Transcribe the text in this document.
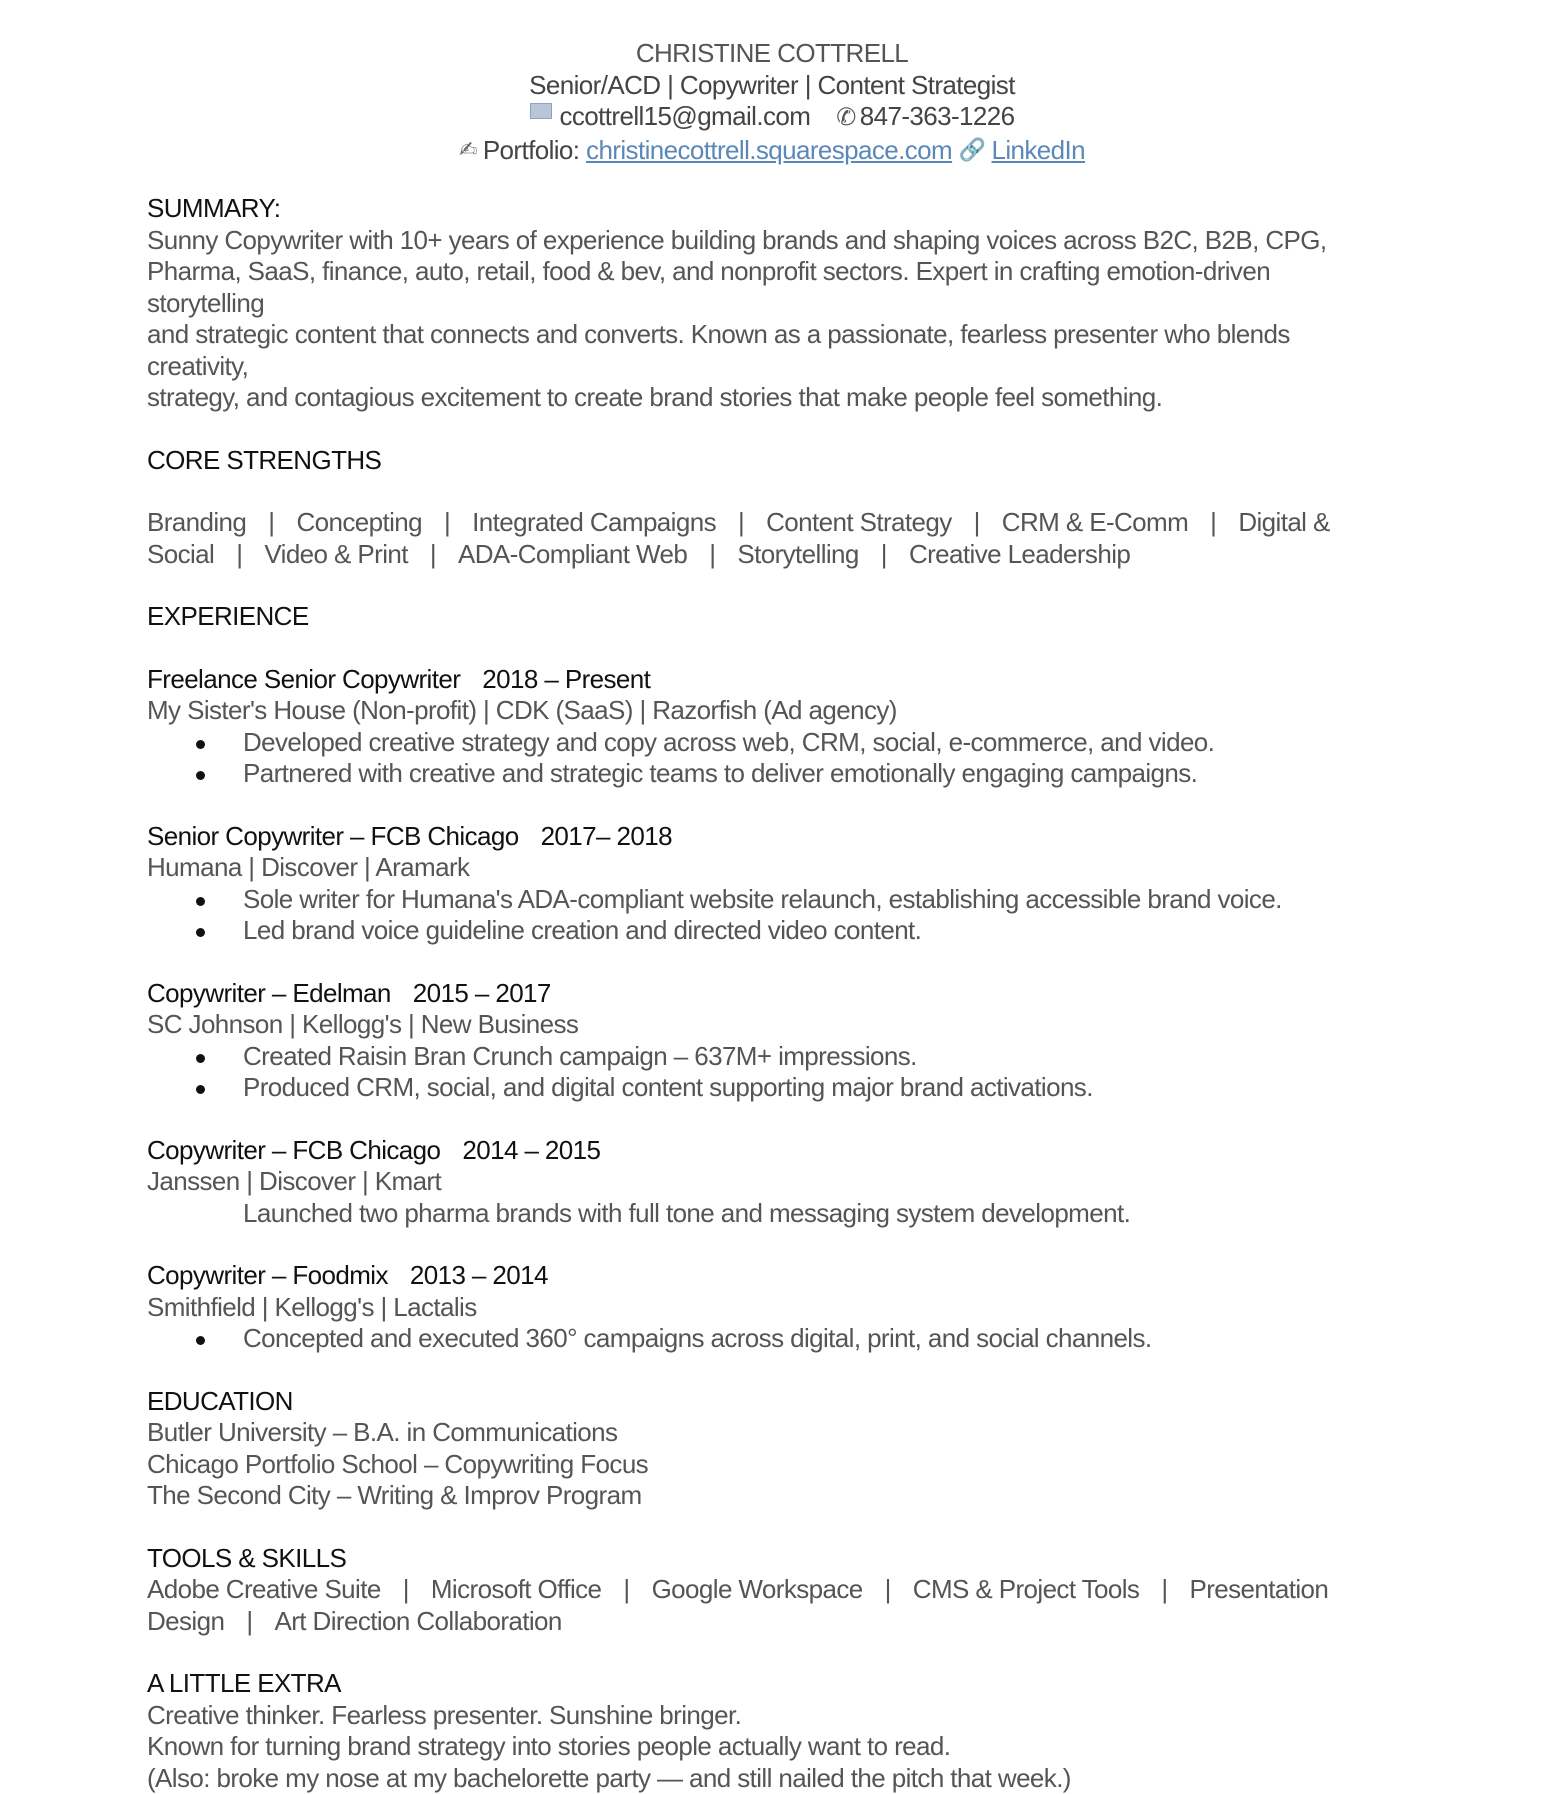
CHRISTINE COTTRELL
Senior/ACD | Copywriter | Content Strategist
ccottrell15@gmail.com ✆ 847-363-1226
✍ Portfolio: christinecottrell.squarespace.com 🔗 LinkedIn
SUMMARY:
Sunny Copywriter with 10+ years of experience building brands and shaping voices across B2C, B2B, CPG,
Pharma, SaaS, finance, auto, retail, food & bev, and nonprofit sectors. Expert in crafting emotion-driven storytelling
and strategic content that connects and converts. Known as a passionate, fearless presenter who blends creativity,
strategy, and contagious excitement to create brand stories that make people feel something.
CORE STRENGTHS
Branding | Concepting | Integrated Campaigns | Content Strategy | CRM & E-Comm | Digital &
Social | Video & Print | ADA-Compliant Web | Storytelling | Creative Leadership
EXPERIENCE
Freelance Senior Copywriter 2018 – Present
My Sister's House (Non-profit) | CDK (SaaS) | Razorfish (Ad agency)
Developed creative strategy and copy across web, CRM, social, e-commerce, and video.
Partnered with creative and strategic teams to deliver emotionally engaging campaigns.
Senior Copywriter – FCB Chicago 2017– 2018
Humana | Discover | Aramark
Sole writer for Humana's ADA-compliant website relaunch, establishing accessible brand voice.
Led brand voice guideline creation and directed video content.
Copywriter – Edelman 2015 – 2017
SC Johnson | Kellogg's | New Business
Created Raisin Bran Crunch campaign – 637M+ impressions.
Produced CRM, social, and digital content supporting major brand activations.
Copywriter – FCB Chicago 2014 – 2015
Janssen | Discover | Kmart
Launched two pharma brands with full tone and messaging system development.
Copywriter – Foodmix 2013 – 2014
Smithfield | Kellogg's | Lactalis
Concepted and executed 360° campaigns across digital, print, and social channels.
EDUCATION
Butler University – B.A. in Communications
Chicago Portfolio School – Copywriting Focus
The Second City – Writing & Improv Program
TOOLS & SKILLS
Adobe Creative Suite | Microsoft Office | Google Workspace | CMS & Project Tools | Presentation
Design | Art Direction Collaboration
A LITTLE EXTRA
Creative thinker. Fearless presenter. Sunshine bringer.
Known for turning brand strategy into stories people actually want to read.
(Also: broke my nose at my bachelorette party — and still nailed the pitch that week.)
